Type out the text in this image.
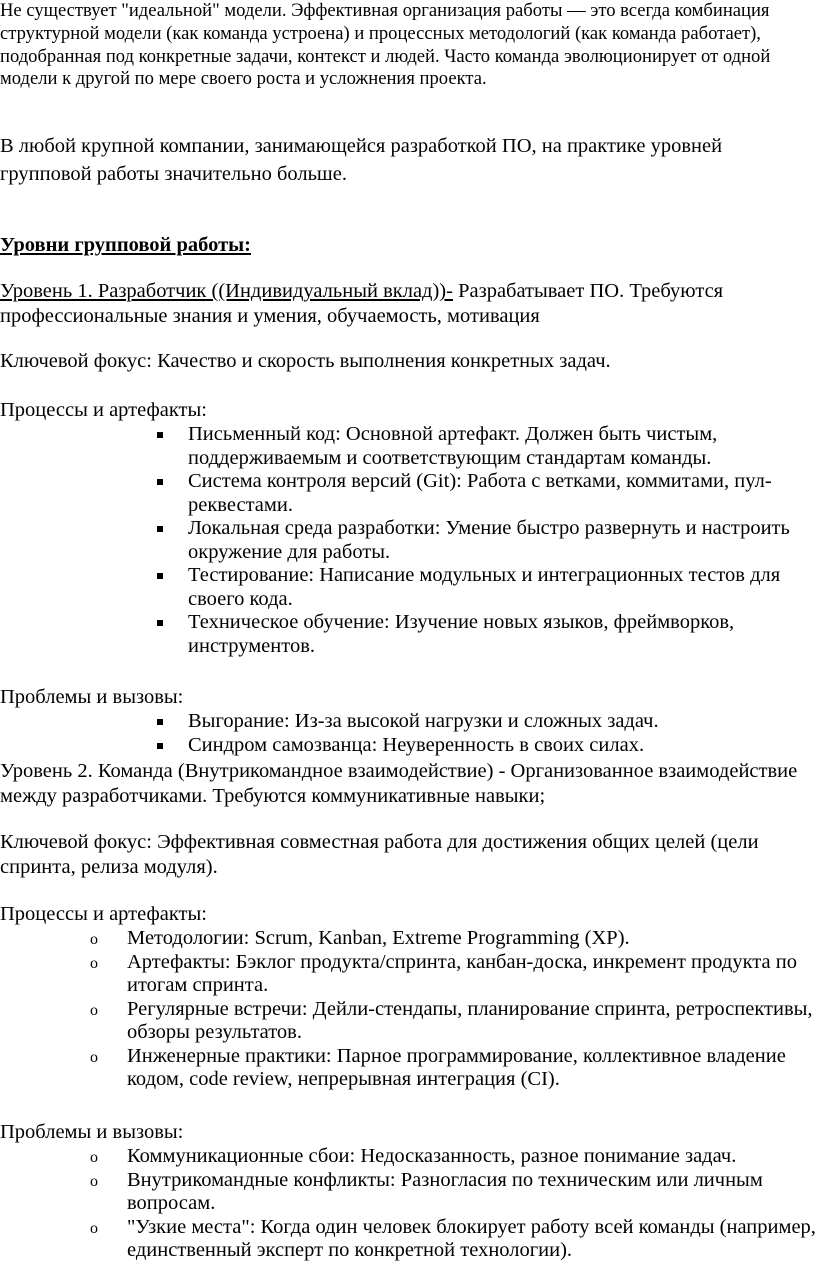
Не существует "идеальной" модели. Эффективная организация работы — это всегда комбинация структурной модели (как команда устроена) и процессных методологий (как команда работает), подобранная под конкретные задачи, контекст и людей. Часто команда эволюционирует от одной модели к другой по мере своего роста и усложнения проекта.

В любой крупной компании, занимающейся разработкой ПО, на практике уровней групповой работы значительно больше.

Уровни групповой работы:

Уровень 1. Разработчик ((Индивидуальный вклад))- Разрабатывает ПО. Требуются профессиональные знания и умения, обучаемость, мотивация

Ключевой фокус: Качество и скорость выполнения конкретных задач.

Процессы и артефакты:

Письменный код: Основной артефакт. Должен быть чистым, поддерживаемым и соответствующим стандартам команды.
Система контроля версий (Git): Работа с ветками, коммитами, пул-реквестами.
Локальная среда разработки: Умение быстро развернуть и настроить окружение для работы.
Тестирование: Написание модульных и интеграционных тестов для своего кода.
Техническое обучение: Изучение новых языков, фреймворков, инструментов.

Проблемы и вызовы:

Выгорание: Из-за высокой нагрузки и сложных задач.
Синдром самозванца: Неуверенность в своих силах.

Уровень 2. Команда (Внутрикомандное взаимодействие) - Организованное взаимодействие между разработчиками. Требуются коммуникативные навыки;

Ключевой фокус: Эффективная совместная работа для достижения общих целей (цели спринта, релиза модуля).

Процессы и артефакты:

o Методологии: Scrum, Kanban, Extreme Programming (XP).
o Артефакты: Бэклог продукта/спринта, канбан-доска, инкремент продукта по итогам спринта.
o Регулярные встречи: Дейли-стендапы, планирование спринта, ретроспективы, обзоры результатов.
o Инженерные практики: Парное программирование, коллективное владение кодом, code review, непрерывная интеграция (CI).

Проблемы и вызовы:

o Коммуникационные сбои: Недосказанность, разное понимание задач.
o Внутрикомандные конфликты: Разногласия по техническим или личным вопросам.
o "Узкие места": Когда один человек блокирует работу всей команды (например, единственный эксперт по конкретной технологии).
